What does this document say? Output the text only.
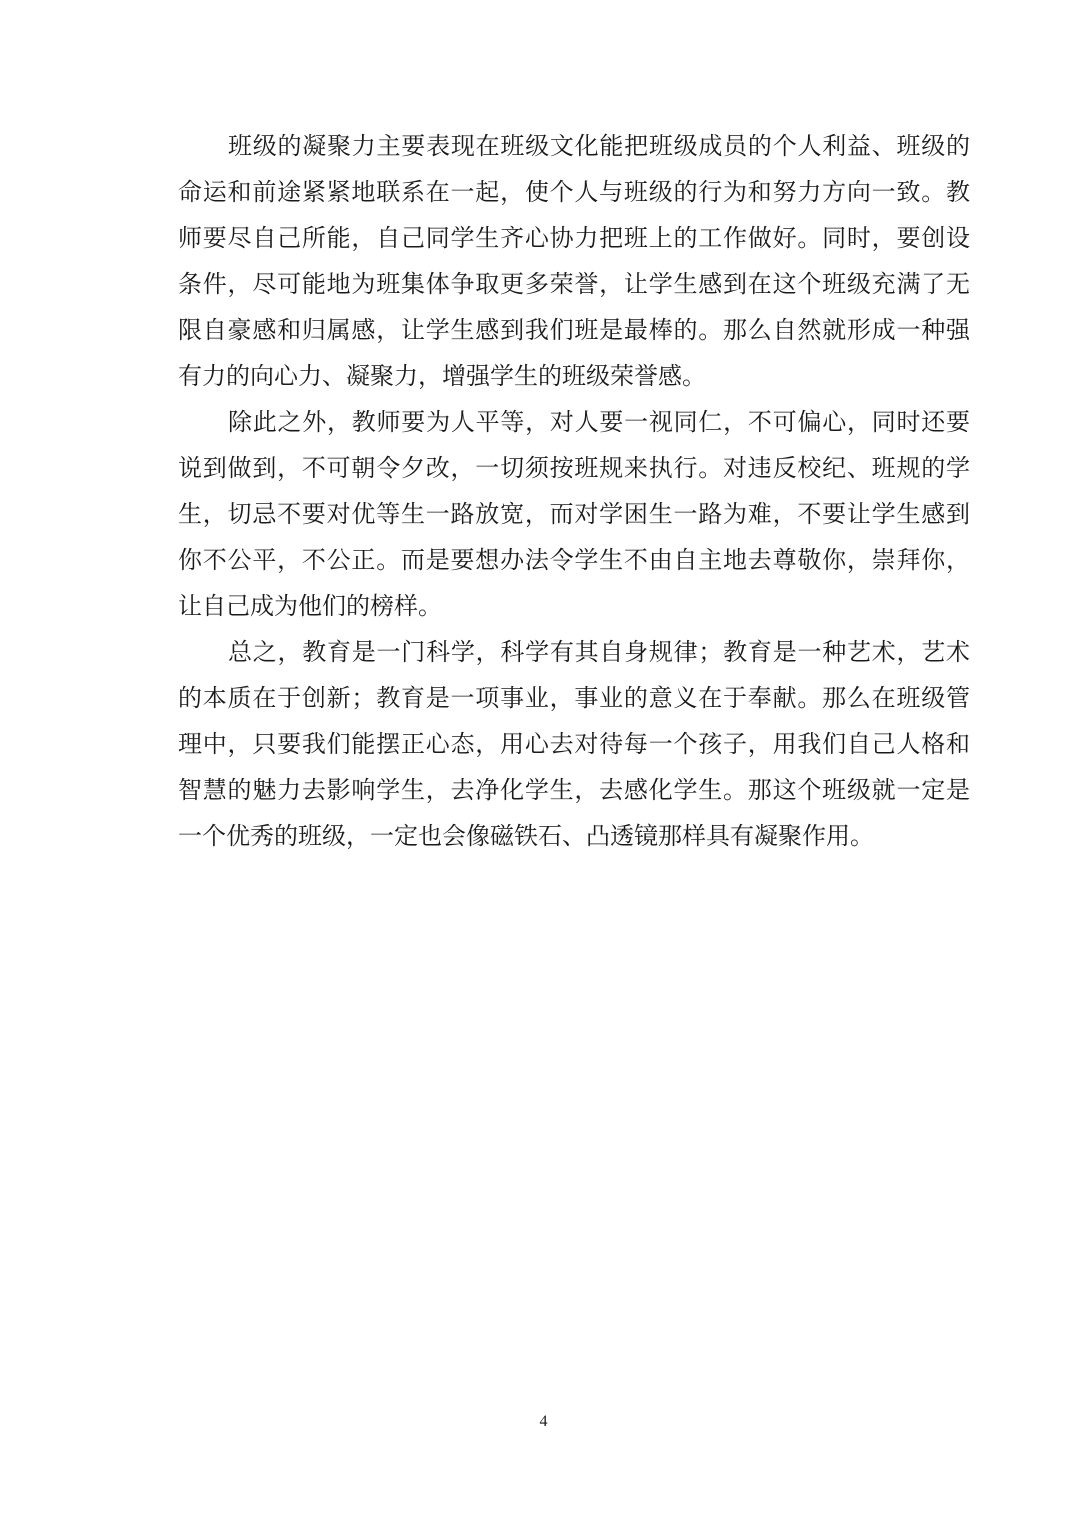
班级的凝聚力主要表现在班级文化能把班级成员的个人利益、班级的
命运和前途紧紧地联系在一起，使个人与班级的行为和努力方向一致。教
师要尽自己所能，自己同学生齐心协力把班上的工作做好。同时，要创设
条件，尽可能地为班集体争取更多荣誉，让学生感到在这个班级充满了无
限自豪感和归属感，让学生感到我们班是最棒的。那么自然就形成一种强
有力的向心力、凝聚力，增强学生的班级荣誉感。
除此之外，教师要为人平等，对人要一视同仁，不可偏心，同时还要
说到做到，不可朝令夕改，一切须按班规来执行。对违反校纪、班规的学
生，切忌不要对优等生一路放宽，而对学困生一路为难，不要让学生感到
你不公平，不公正。而是要想办法令学生不由自主地去尊敬你，崇拜你，
让自己成为他们的榜样。
总之，教育是一门科学，科学有其自身规律；教育是一种艺术，艺术
的本质在于创新；教育是一项事业，事业的意义在于奉献。那么在班级管
理中，只要我们能摆正心态，用心去对待每一个孩子，用我们自己人格和
智慧的魅力去影响学生，去净化学生，去感化学生。那这个班级就一定是
一个优秀的班级，一定也会像磁铁石、凸透镜那样具有凝聚作用。
4
